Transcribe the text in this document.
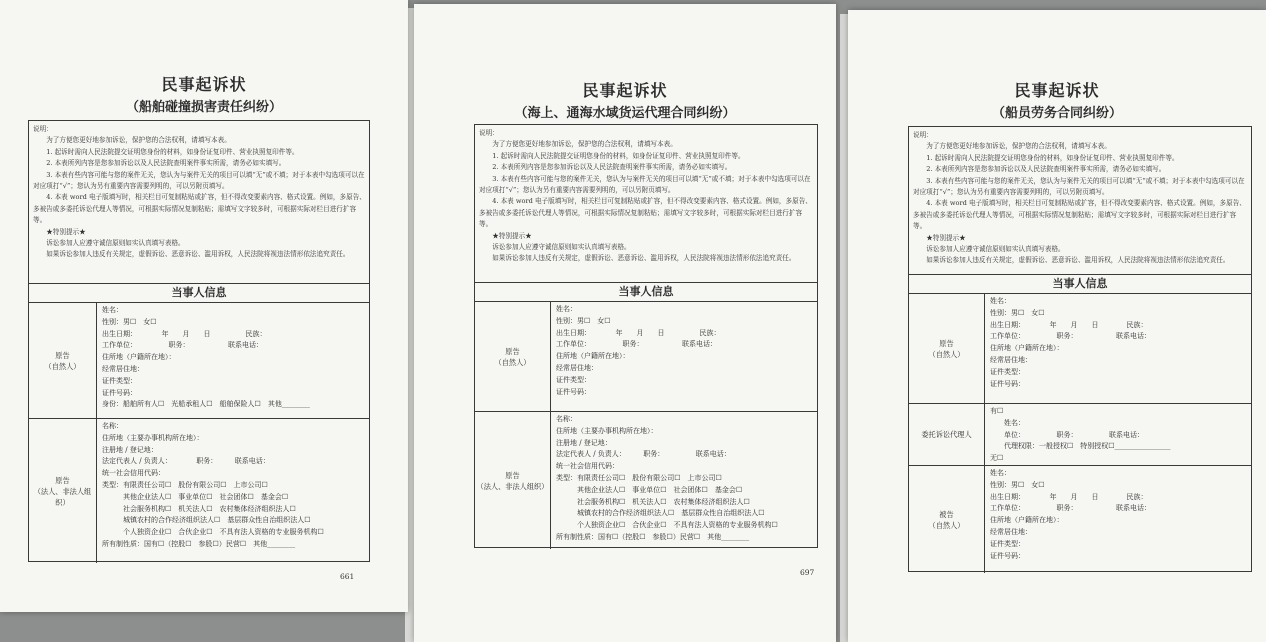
民事起诉状
（船舶碰撞损害责任纠纷）

说明：

为了方便您更好地参加诉讼，保护您的合法权利，请填写本表。

1. 起诉时需向人民法院提交证明您身份的材料，如身份证复印件、营业执照复印件等。

2. 本表所列内容是您参加诉讼以及人民法院查明案件事实所需，请务必如实填写。

3. 本表有些内容可能与您的案件无关，您认为与案件无关的项目可以填“无”或不填；对于本表中勾选项可以在对应项打“√”；您认为另有重要内容需要列明的，可以另附页填写。

4. 本表 word 电子版填写时，相关栏目可复制粘贴或扩容，但不得改变要素内容、格式设置。例如，多原告、多被告或多委托诉讼代理人等情况，可根据实际情况复制粘贴；需填写文字较多时，可根据实际对栏目进行扩容等。

★特别提示★

诉讼参加人应遵守诚信原则如实认真填写表格。

如果诉讼参加人违反有关规定，虚假诉讼、恶意诉讼、滥用诉权，人民法院将视违法情形依法追究责任。

当事人信息
原告
（自然人）
姓名：
性别：男☐　女☐
出生日期：　　　　年　　月　　日　　　　　民族：
工作单位：　　　　　职务：　　　　　　联系电话：
住所地（户籍所在地）：
经常居住地：
证件类型：
证件号码：
身份：船舶所有人☐　光船承租人☐　船舶保险人☐　其他________
原告
（法人、非法人组织）
名称：
住所地（主要办事机构所在地）：
注册地 / 登记地：
法定代表人 / 负责人：　　　　职务：　　　联系电话：
统一社会信用代码：
类型：有限责任公司☐　股份有限公司☐　上市公司☐
　　　其他企业法人☐　事业单位☐　社会团体☐　基金会☐
　　　社会服务机构☐　机关法人☐　农村集体经济组织法人☐
　　　城镇农村的合作经济组织法人☐　基层群众性自治组织法人☐
　　　个人独资企业☐　合伙企业☐　不具有法人资格的专业服务机构☐
所有制性质：国有☐（控股☐　参股☐）民营☐　其他________
661
民事起诉状
（海上、通海水域货运代理合同纠纷）

说明：

为了方便您更好地参加诉讼，保护您的合法权利，请填写本表。

1. 起诉时需向人民法院提交证明您身份的材料，如身份证复印件、营业执照复印件等。

2. 本表所列内容是您参加诉讼以及人民法院查明案件事实所需，请务必如实填写。

3. 本表有些内容可能与您的案件无关，您认为与案件无关的项目可以填“无”或不填；对于本表中勾选项可以在对应项打“√”；您认为另有重要内容需要列明的，可以另附页填写。

4. 本表 word 电子版填写时，相关栏目可复制粘贴或扩容，但不得改变要素内容、格式设置。例如，多原告、多被告或多委托诉讼代理人等情况，可根据实际情况复制粘贴；需填写文字较多时，可根据实际对栏目进行扩容等。

★特别提示★

诉讼参加人应遵守诚信原则如实认真填写表格。

如果诉讼参加人违反有关规定，虚假诉讼、恶意诉讼、滥用诉权，人民法院将视违法情形依法追究责任。

当事人信息
原告
（自然人）
姓名：
性别：男☐　女☐
出生日期：　　　　年　　月　　日　　　　　民族：
工作单位：　　　　　职务：　　　　　　联系电话：
住所地（户籍所在地）：
经常居住地：
证件类型：
证件号码：
原告
（法人、非法人组织）
名称：
住所地（主要办事机构所在地）：
注册地 / 登记地：
法定代表人 / 负责人：　　　职务：　　　　　联系电话：
统一社会信用代码：
类型：有限责任公司☐　股份有限公司☐　上市公司☐
　　　其他企业法人☐　事业单位☐　社会团体☐　基金会☐
　　　社会服务机构☐　机关法人☐　农村集体经济组织法人☐
　　　城镇农村的合作经济组织法人☐　基层群众性自治组织法人☐
　　　个人独资企业☐　合伙企业☐　不具有法人资格的专业服务机构☐
所有制性质：国有☐（控股☐　参股☐）民营☐　其他________
697
民事起诉状
（船员劳务合同纠纷）

说明：

为了方便您更好地参加诉讼，保护您的合法权利，请填写本表。

1. 起诉时需向人民法院提交证明您身份的材料，如身份证复印件、营业执照复印件等。

2. 本表所列内容是您参加诉讼以及人民法院查明案件事实所需，请务必如实填写。

3. 本表有些内容可能与您的案件无关，您认为与案件无关的项目可以填“无”或不填；对于本表中勾选项可以在对应项打“√”；您认为另有重要内容需要列明的，可以另附页填写。

4. 本表 word 电子版填写时，相关栏目可复制粘贴或扩容，但不得改变要素内容、格式设置。例如，多原告、多被告或多委托诉讼代理人等情况，可根据实际情况复制粘贴；需填写文字较多时，可根据实际对栏目进行扩容等。

★特别提示★

诉讼参加人应遵守诚信原则如实认真填写表格。

如果诉讼参加人违反有关规定，虚假诉讼、恶意诉讼、滥用诉权，人民法院将视违法情形依法追究责任。

当事人信息
原告
（自然人）
姓名：
性别：男☐　女☐
出生日期：　　　　年　　月　　日　　　　民族：
工作单位：　　　　　职务：　　　　　　联系电话：
住所地（户籍所在地）：
经常居住地：
证件类型：
证件号码：
委托诉讼代理人
有☐
　　姓名：
　　单位：　　　　　职务：　　　　　联系电话：
　　代理权限：一般授权☐　特别授权☐________________
无☐
被告
（自然人）
姓名：
性别：男☐　女☐
出生日期：　　　　年　　月　　日　　　　民族：
工作单位：　　　　　职务：　　　　　　联系电话：
住所地（户籍所在地）：
经常居住地：
证件类型：
证件号码：
